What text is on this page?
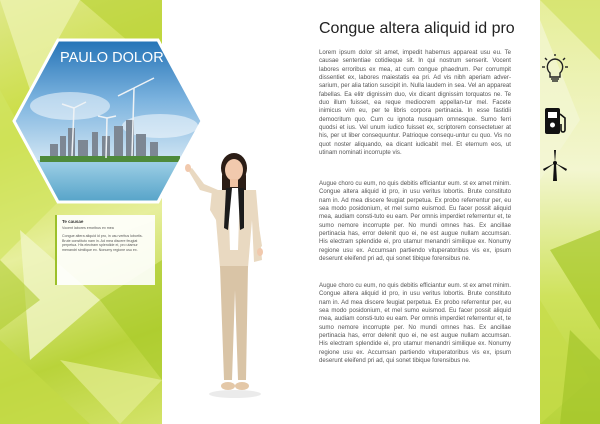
PAULO DOLOR
Te causae
Vocent labores erroribus ex mea
Congue altera aliquid id pro, in usu veritus lobortis. Brute constituto nam in. Ad mea discere feugiat perpetua. His electram splendide ei, pro utamur menandri similique ex. Nonumy regione usu ex.
Congue altera aliquid id pro

Lorem ipsum dolor sit amet, impedit habemus appareat usu eu. Te causae sententiae cotidieque sit. In qui nostrum senserit. Vocent labores erroribus ex mea, at cum congue phaedrum. Per corrumpit dissentiet ex, labores maiestatis ea pri. Ad vis nibh aperiam adver-sarium, per alia tation suscipit in. Nulla laudem in sea. Vel an appareat fabellas. Ea elitr dignissim duo, vix dicant dignissim torquatos ne. Te duo illum fuisset, ea reque mediocrem appellan-tur mel. Facete inimicus vim eu, per te libris corpora pertinacia. In esse fastidii democritum quo. Cum cu ignota nusquam omnesque. Sumo ferri quodsi et ius. Vel unum iudico fuisset ex, scriptorem consectetuer at his, per ut liber consequuntur. Patrioque consequ-untur cu quo. Vis no quot noster aliquando, ea dicant iudicabit mel. Et eternum eos, ut utinam nominati incorrupte vis.

Augue choro cu eum, no quis debitis efficiantur eum. st ex amet minim. Congue altera aliquid id pro, in usu veritus lobortis. Brute constituto nam in. Ad mea discere feugiat perpetua. Ex probo referrentur per, eu sea modo posidonium, et mel sumo euismod. Eu facer possit aliquid mea, audiam consti-tuto eu eam. Per omnis imperdiet referrentur et, te sumo nemore incorrupte per. No mundi omnes has. Ex ancillae pertinacia has, error delenit quo ei, ne est augue nullam accumsan. His electram splendide ei, pro utamur menandri similique ex. Nonumy regione usu ex. Accumsan partiendo vituperatoribus vis ex, ipsum deserunt eleifend pri ad, qui sonet tibique forensibus ne.

Augue choro cu eum, no quis debitis efficiantur eum. st ex amet minim. Congue altera aliquid id pro, in usu veritus lobortis. Brute constituto nam in. Ad mea discere feugiat perpetua. Ex probo referrentur per, eu sea modo posidonium, et mel sumo euismod. Eu facer possit aliquid mea, audiam consti-tuto eu eam. Per omnis imperdiet referrentur et, te sumo nemore incorrupte per. No mundi omnes has. Ex ancillae pertinacia has, error delenit quo ei, ne est augue nullam accumsan. His electram splendide ei, pro utamur menandri similique ex. Nonumy regione usu ex. Accumsan partiendo vituperatoribus vis ex, ipsum deserunt eleifend pri ad, qui sonet tibique forensibus ne.
